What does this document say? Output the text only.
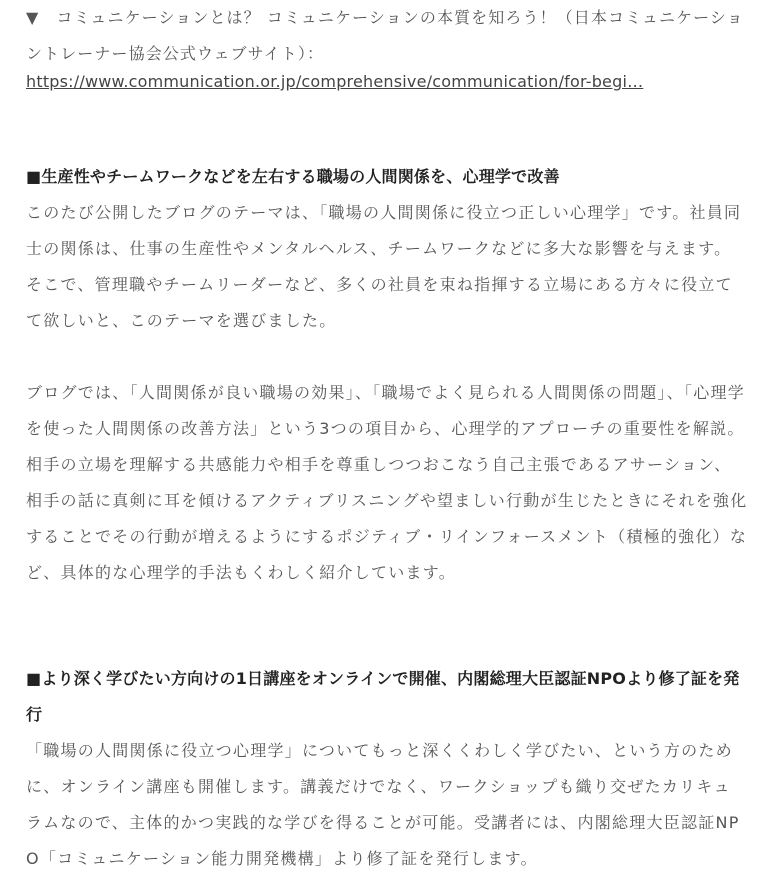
▼　コミュニケーションとは？ コミュニケーションの本質を知ろう！（日本コミュニケーショントレーナー協会公式ウェブサイト）：

https://www.communication.or.jp/comprehensive/communication/for-begi…
■生産性やチームワークなどを左右する職場の人間関係を、心理学で改善

このたび公開したブログのテーマは、「職場の人間関係に役立つ正しい心理学」です。社員同士の関係は、仕事の生産性やメンタルヘルス、チームワークなどに多大な影響を与えます。そこで、管理職やチームリーダーなど、多くの社員を束ね指揮する立場にある方々に役立てて欲しいと、このテーマを選びました。

ブログでは、「人間関係が良い職場の効果」、「職場でよく見られる人間関係の問題」、「心理学を使った人間関係の改善方法」という3つの項目から、心理学的アプローチの重要性を解説。相手の立場を理解する共感能力や相手を尊重しつつおこなう自己主張であるアサーション、相手の話に真剣に耳を傾けるアクティブリスニングや望ましい行動が生じたときにそれを強化することでその行動が増えるようにするポジティブ・リインフォースメント（積極的強化）など、具体的な心理学的手法もくわしく紹介しています。

■より深く学びたい方向けの1日講座をオンラインで開催、内閣総理大臣認証NPOより修了証を発行

「職場の人間関係に役立つ心理学」についてもっと深くくわしく学びたい、という方のために、オンライン講座も開催します。講義だけでなく、ワークショップも織り交ぜたカリキュラムなので、主体的かつ実践的な学びを得ることが可能。受講者には、内閣総理大臣認証NPO「コミュニケーション能力開発機構」より修了証を発行します。
